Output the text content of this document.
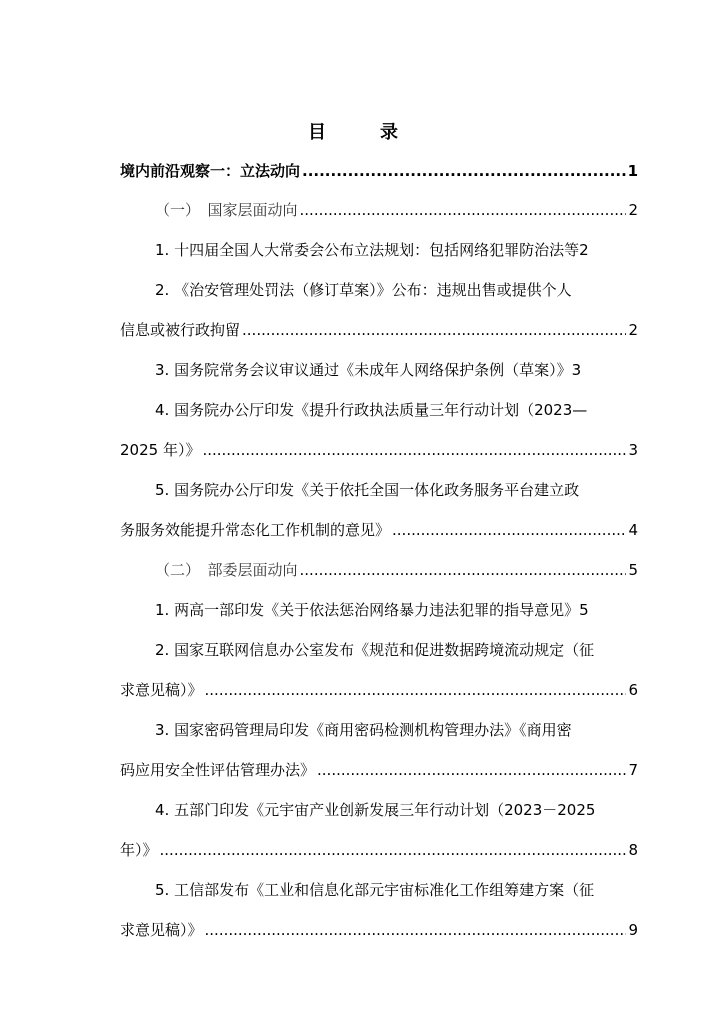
目　录
境内前沿观察一：立法动向 .....	1
（一）　国家层面动向 .....	2
1. 十四届全国人大常委会公布立法规划：包括网络犯罪防治法等 2
2. 《治安管理处罚法（修订草案）》公布：违规出售或提供个人
信息或被行政拘留 .....	2
3. 国务院常务会议审议通过《未成年人网络保护条例（草案）》 3
4. 国务院办公厅印发《提升行政执法质量三年行动计划（2023—
2025 年）》 .....	3
5. 国务院办公厅印发《关于依托全国一体化政务服务平台建立政
务服务效能提升常态化工作机制的意见》 .....	4
（二）　部委层面动向 .....	5
1. 两高一部印发《关于依法惩治网络暴力违法犯罪的指导意见》 5
2. 国家互联网信息办公室发布《规范和促进数据跨境流动规定（征
求意见稿）》 .....	6
3. 国家密码管理局印发《商用密码检测机构管理办法》《商用密
码应用安全性评估管理办法》 .....	7
4. 五部门印发《元宇宙产业创新发展三年行动计划（2023－2025
年）》 .....	8
5. 工信部发布《工业和信息化部元宇宙标准化工作组筹建方案（征
求意见稿）》 .....	9
